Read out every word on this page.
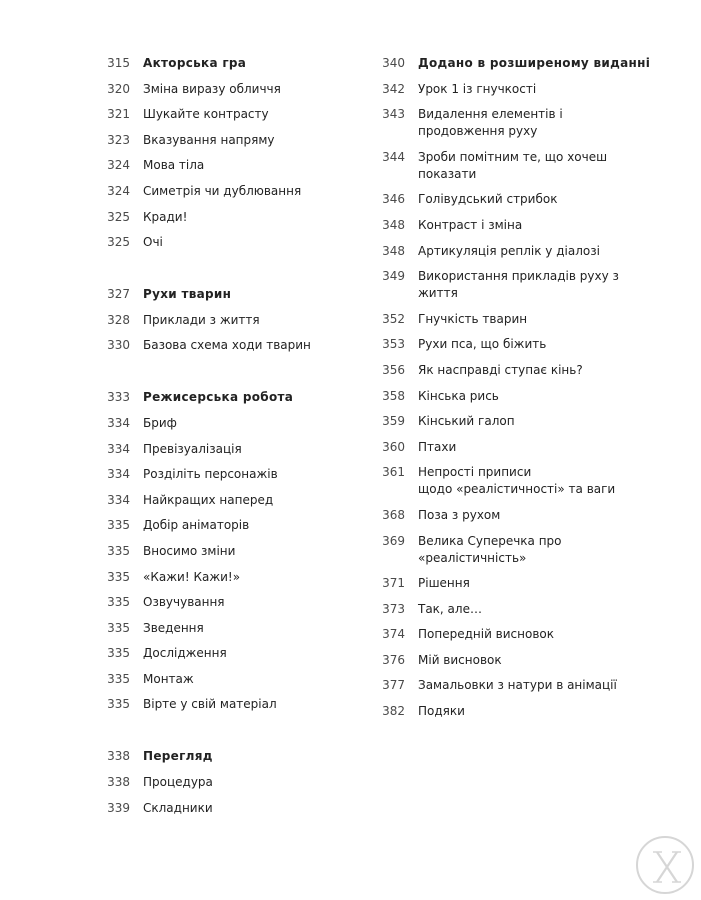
315	Акторська гра
320	Зміна виразу обличчя
321	Шукайте контрасту
323	Вказування напряму
324	Мова тіла
324	Симетрія чи дублювання
325	Кради!
325	Очі
327	Рухи тварин
328	Приклади з життя
330	Базова схема ходи тварин
333	Режисерська робота
334	Бриф
334	Превізуалізація
334	Розділіть персонажів
334	Найкращих наперед
335	Добір аніматорів
335	Вносимо зміни
335	«Кажи! Кажи!»
335	Озвучування
335	Зведення
335	Дослідження
335	Монтаж
335	Вірте у свій матеріал
338	Перегляд
338	Процедура
339	Складники
340	Додано в розширеному виданні
342	Урок 1 із гнучкості
343	Видалення елементів і продовження руху
344	Зроби помітним те, що хочеш показати
346	Голівудський стрибок
348	Контраст і зміна
348	Артикуляція реплік у діалозі
349	Використання прикладів руху з життя
352	Гнучкість тварин
353	Рухи пса, що біжить
356	Як насправді ступає кінь?
358	Кінська рись
359	Кінський галоп
360	Птахи
361	Непрості приписи
щодо «реалістичності» та ваги
368	Поза з рухом
369	Велика Суперечка про «реалістичність»
371	Рішення
373	Так, але…
374	Попередній висновок
376	Мій висновок
377	Замальовки з натури в анімації
382	Подяки
